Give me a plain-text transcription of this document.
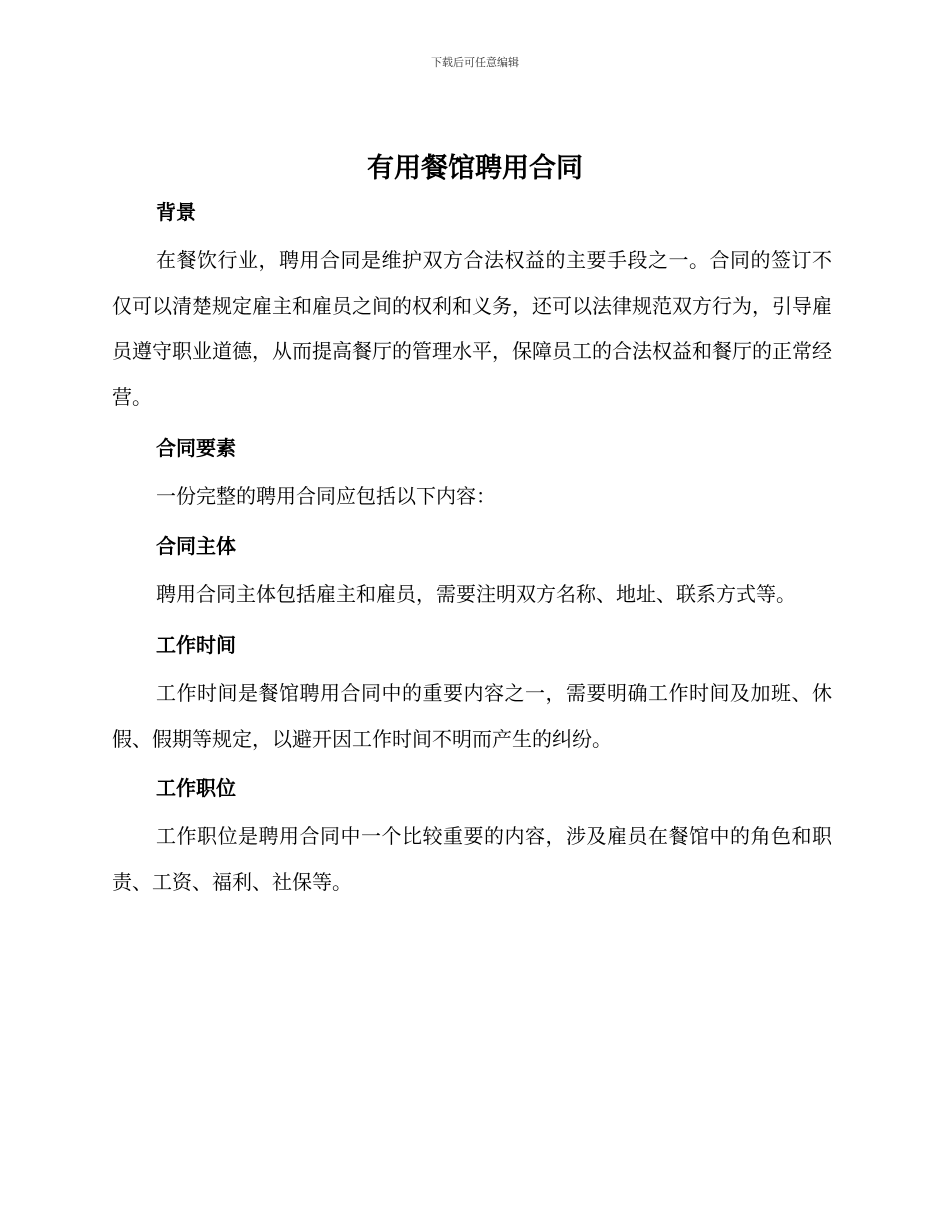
下载后可任意编辑
有用餐馆聘用合同
背景

在餐饮行业，聘用合同是维护双方合法权益的主要手段之一。合同的签订不仅可以清楚规定雇主和雇员之间的权利和义务，还可以法律规范双方行为，引导雇员遵守职业道德，从而提高餐厅的管理水平，保障员工的合法权益和餐厅的正常经营。

合同要素

一份完整的聘用合同应包括以下内容：

合同主体

聘用合同主体包括雇主和雇员，需要注明双方名称、地址、联系方式等。

工作时间

工作时间是餐馆聘用合同中的重要内容之一，需要明确工作时间及加班、休假、假期等规定，以避开因工作时间不明而产生的纠纷。

工作职位

工作职位是聘用合同中一个比较重要的内容，涉及雇员在餐馆中的角色和职责、工资、福利、社保等。
